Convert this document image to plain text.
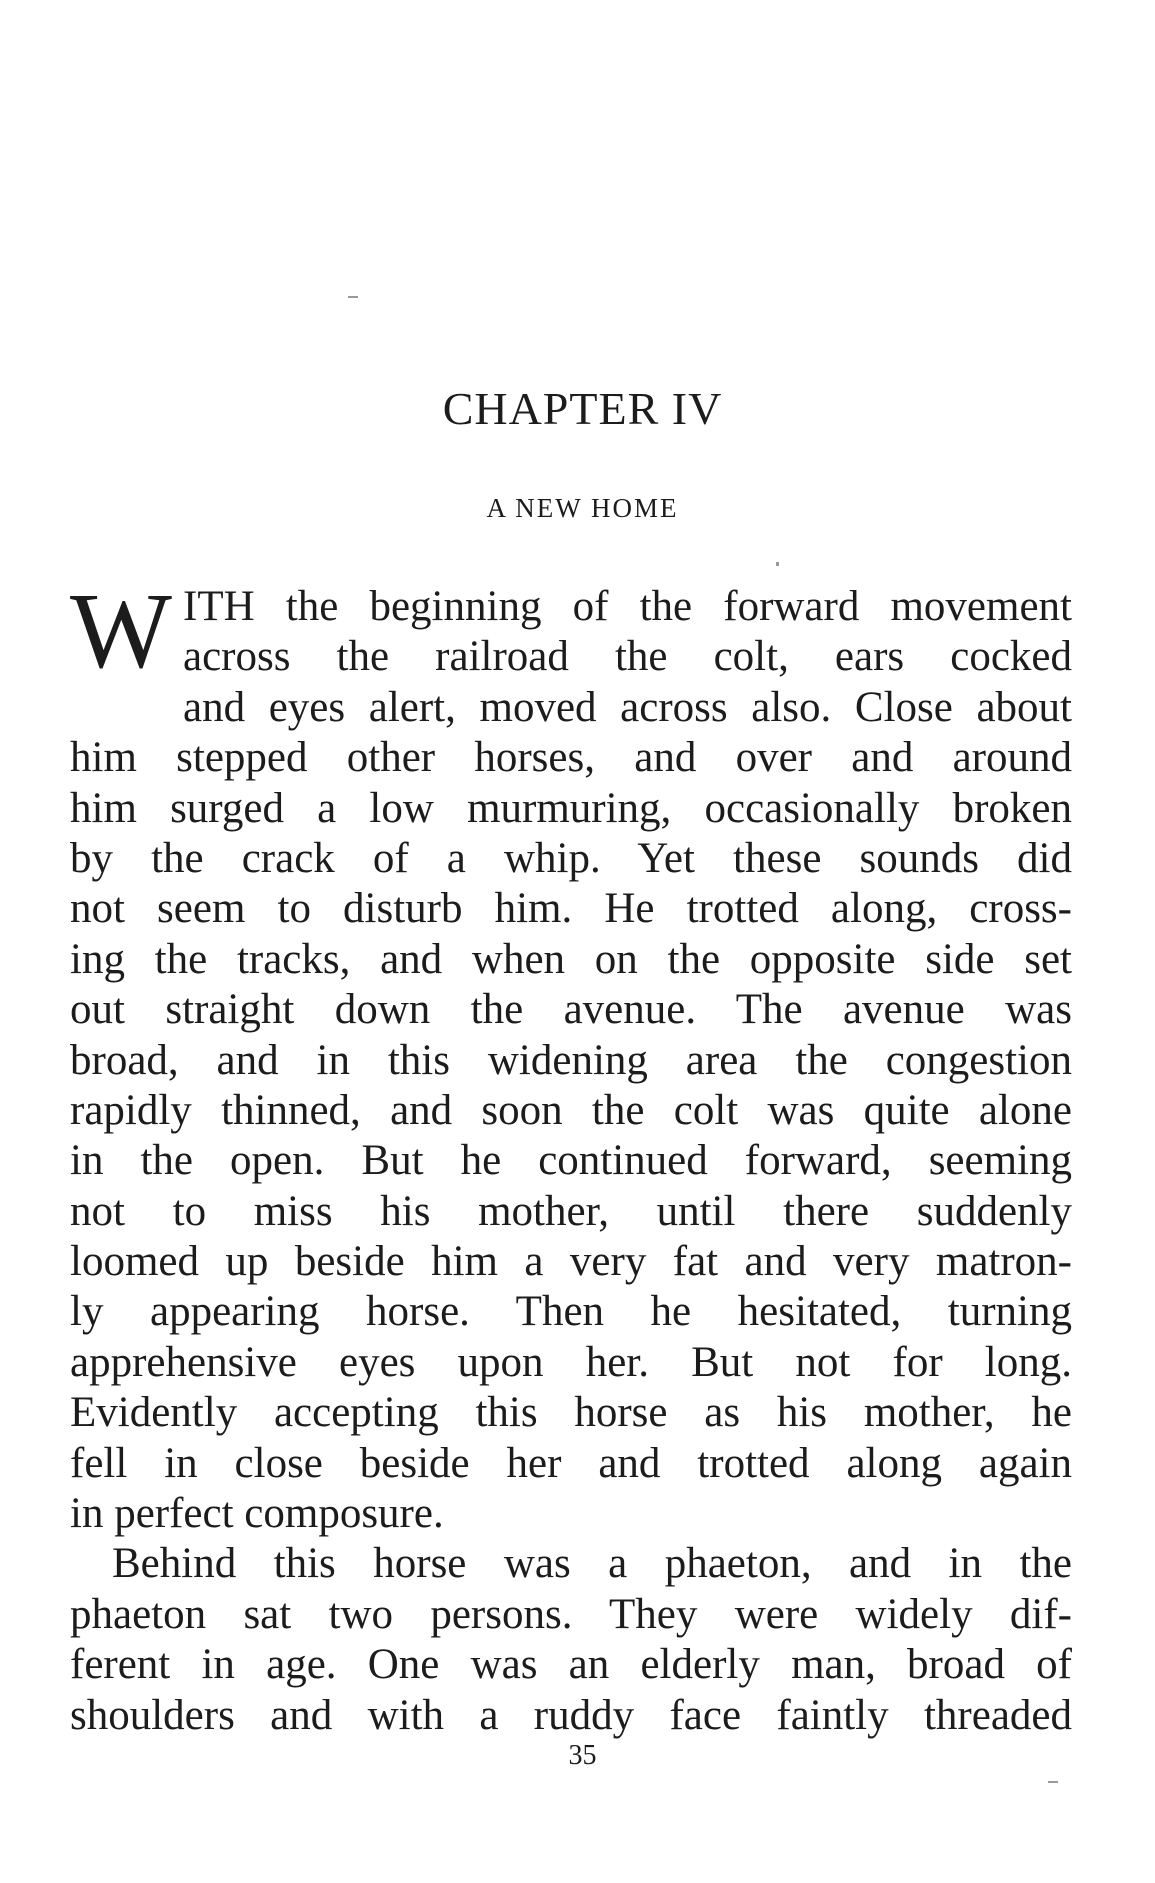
CHAPTER IV
A NEW HOME
W ITH the beginning of the forward movement
across the railroad the colt, ears cocked
and eyes alert, moved across also. Close about
him stepped other horses, and over and around
him surged a low murmuring, occasionally broken
by the crack of a whip. Yet these sounds did
not seem to disturb him. He trotted along, cross-
ing the tracks, and when on the opposite side set
out straight down the avenue. The avenue was
broad, and in this widening area the congestion
rapidly thinned, and soon the colt was quite alone
in the open. But he continued forward, seeming
not to miss his mother, until there suddenly
loomed up beside him a very fat and very matron-
ly appearing horse. Then he hesitated, turning
apprehensive eyes upon her. But not for long.
Evidently accepting this horse as his mother, he
fell in close beside her and trotted along again
in perfect composure.
Behind this horse was a phaeton, and in the
phaeton sat two persons. They were widely dif-
ferent in age. One was an elderly man, broad of
shoulders and with a ruddy face faintly threaded
35
